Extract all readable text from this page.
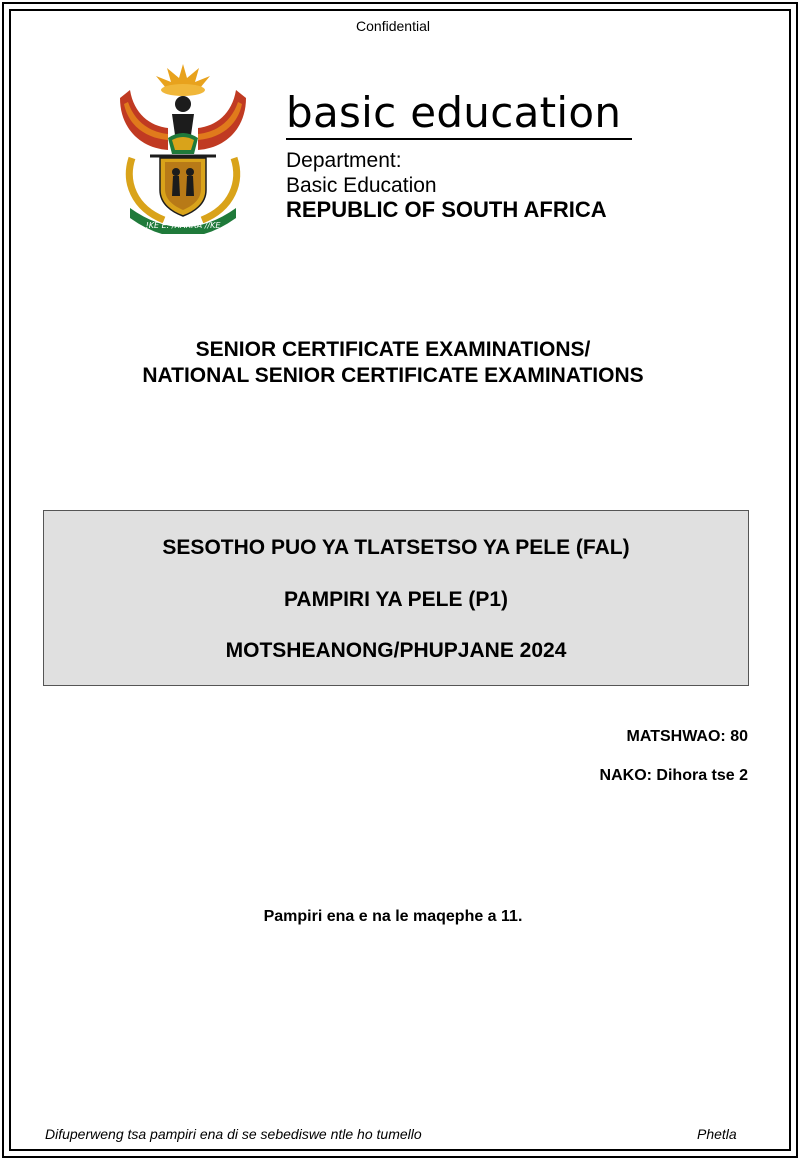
Confidential
!KE E: /XARRA //KE
basic education
Department:
Basic Education
REPUBLIC OF SOUTH AFRICA
SENIOR CERTIFICATE EXAMINATIONS/
NATIONAL SENIOR CERTIFICATE EXAMINATIONS
SESOTHO PUO YA TLATSETSO YA PELE (FAL)
PAMPIRI YA PELE (P1)
MOTSHEANONG/PHUPJANE 2024
MATSHWAO: 80
NAKO: Dihora tse 2
Pampiri ena e na le maqephe a 11.
Difuperweng tsa pampiri ena di se sebediswe ntle ho tumello	Phetla
